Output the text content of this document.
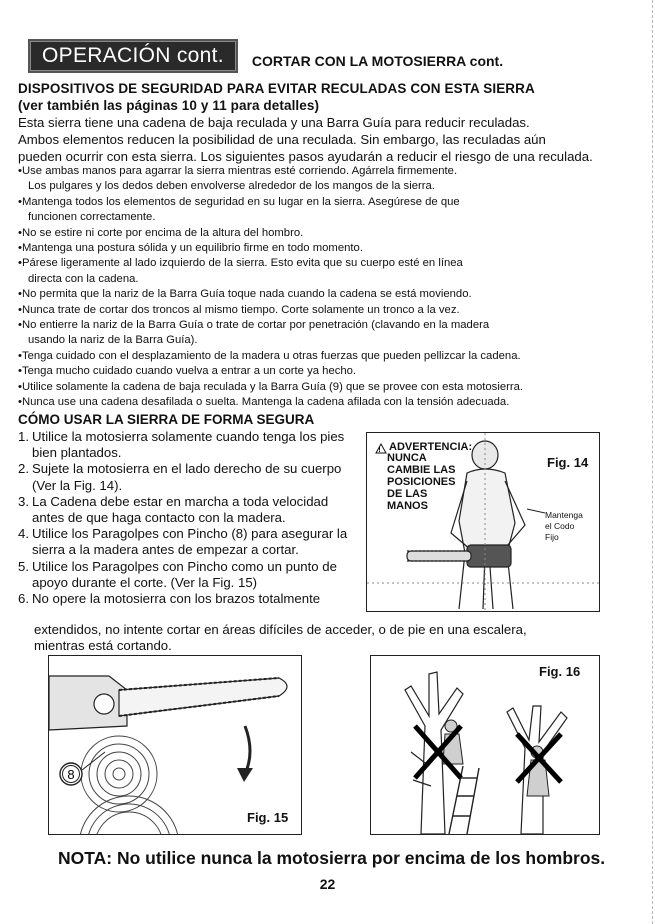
OPERACIÓN cont.	CORTAR CON LA MOTOSIERRA cont.
DISPOSITIVOS DE SEGURIDAD PARA EVITAR RECULADAS CON ESTA SIERRA
(ver también las páginas 10 y 11 para detalles)
Esta sierra tiene una cadena de baja reculada y una Barra Guía para reducir reculadas.
Ambos elementos reducen la posibilidad de una reculada. Sin embargo, las reculadas aún
pueden ocurrir con esta sierra. Los siguientes pasos ayudarán a reducir el riesgo de una reculada.
• Use ambas manos para agarrar la sierra mientras esté corriendo. Agárrela firmemente.
Los pulgares y los dedos deben envolverse alrededor de los mangos de la sierra.
• Mantenga todos los elementos de seguridad en su lugar en la sierra. Asegúrese de que
funcionen correctamente.
• No se estire ni corte por encima de la altura del hombro.
• Mantenga una postura sólida y un equilibrio firme en todo momento.
• Párese ligeramente al lado izquierdo de la sierra. Esto evita que su cuerpo esté en línea
directa con la cadena.
• No permita que la nariz de la Barra Guía toque nada cuando la cadena se está moviendo.
• Nunca trate de cortar dos troncos al mismo tiempo. Corte solamente un tronco a la vez.
• No entierre la nariz de la Barra Guía o trate de cortar por penetración (clavando en la madera
usando la nariz de la Barra Guía).
• Tenga cuidado con el desplazamiento de la madera u otras fuerzas que pueden pellizcar la cadena.
• Tenga mucho cuidado cuando vuelva a entrar a un corte ya hecho.
• Utilice solamente la cadena de baja reculada y la Barra Guía (9) que se provee con esta motosierra.
• Nunca use una cadena desafilada o suelta. Mantenga la cadena afilada con la tensión adecuada.
CÓMO USAR LA SIERRA DE FORMA SEGURA
1. Utilice la motosierra solamente cuando tenga los pies bien plantados.
2. Sujete la motosierra en el lado derecho de su cuerpo (Ver la Fig. 14).
3. La Cadena debe estar en marcha a toda velocidad antes de que haga contacto con la madera.
4. Utilice los Paragolpes con Pincho (8) para asegurar la sierra a la madera antes de empezar a cortar.
5. Utilice los Paragolpes con Pincho como un punto de apoyo durante el corte. (Ver la Fig. 15)
6. No opere la motosierra con los brazos totalmente
extendidos, no intente cortar en áreas difíciles de acceder, o de pie en una escalera,
mientras está cortando.
! ADVERTENCIA:
NUNCA
CAMBIE LAS
POSICIONES
DE LAS
MANOS
Fig. 14
Mantenga
el Codo
Fijo
8
Fig. 15
Fig. 16
NOTA: No utilice nunca la motosierra por encima de los hombros.
22
